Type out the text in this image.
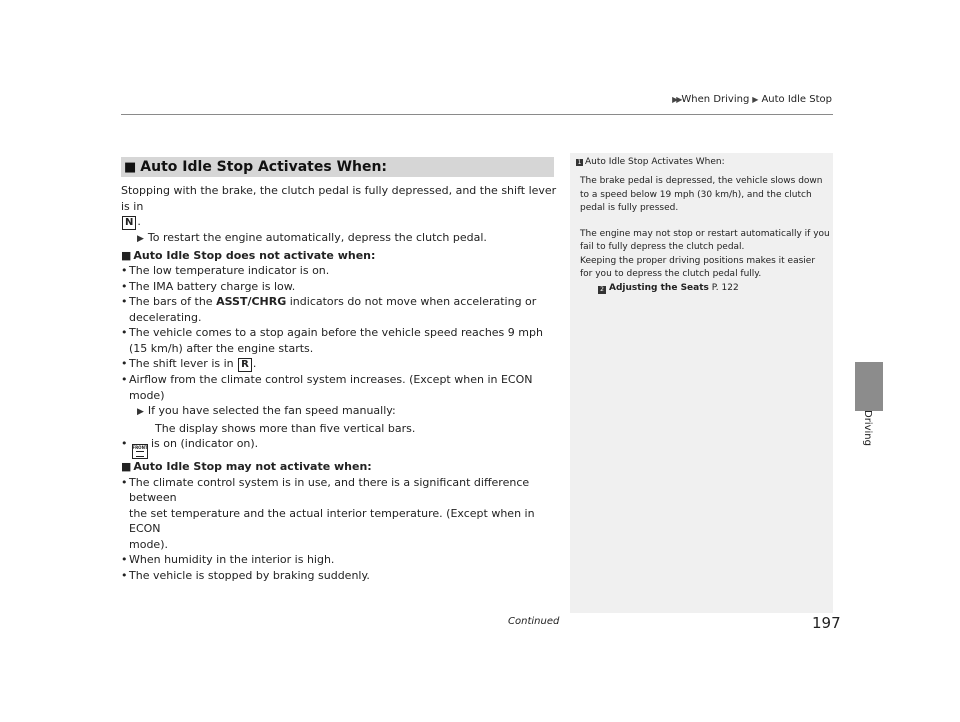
▶▶ When Driving ▶ Auto Idle Stop
Driving
■ Auto Idle Stop Activates When:

Stopping with the brake, the clutch pedal is fully depressed, and the shift lever is in

N .

▶ To restart the engine automatically, depress the clutch pedal.

■ Auto Idle Stop does not activate when:

• The low temperature indicator is on.
• The IMA battery charge is low.
• The bars of the ASST/CHRG indicators do not move when accelerating or
decelerating.
• The vehicle comes to a stop again before the vehicle speed reaches 9 mph
(15 km/h) after the engine starts.
• The shift lever is in R .
• Airflow from the climate control system increases. (Except when in ECON mode)
▶ If you have selected the fan speed manually:
The display shows more than five vertical bars.
• FRONT is on (indicator on).

■ Auto Idle Stop may not activate when:

• The climate control system is in use, and there is a significant difference between
the set temperature and the actual interior temperature. (Except when in ECON
mode).
• When humidity in the interior is high.
• The vehicle is stopped by braking suddenly.
1 Auto Idle Stop Activates When:

The brake pedal is depressed, the vehicle slows down to a speed below 19 mph (30 km/h), and the clutch pedal is fully pressed.

The engine may not stop or restart automatically if you fail to fully depress the clutch pedal.

Keeping the proper driving positions makes it easier for you to depress the clutch pedal fully.

2 Adjusting the Seats P. 122
Continued	197
